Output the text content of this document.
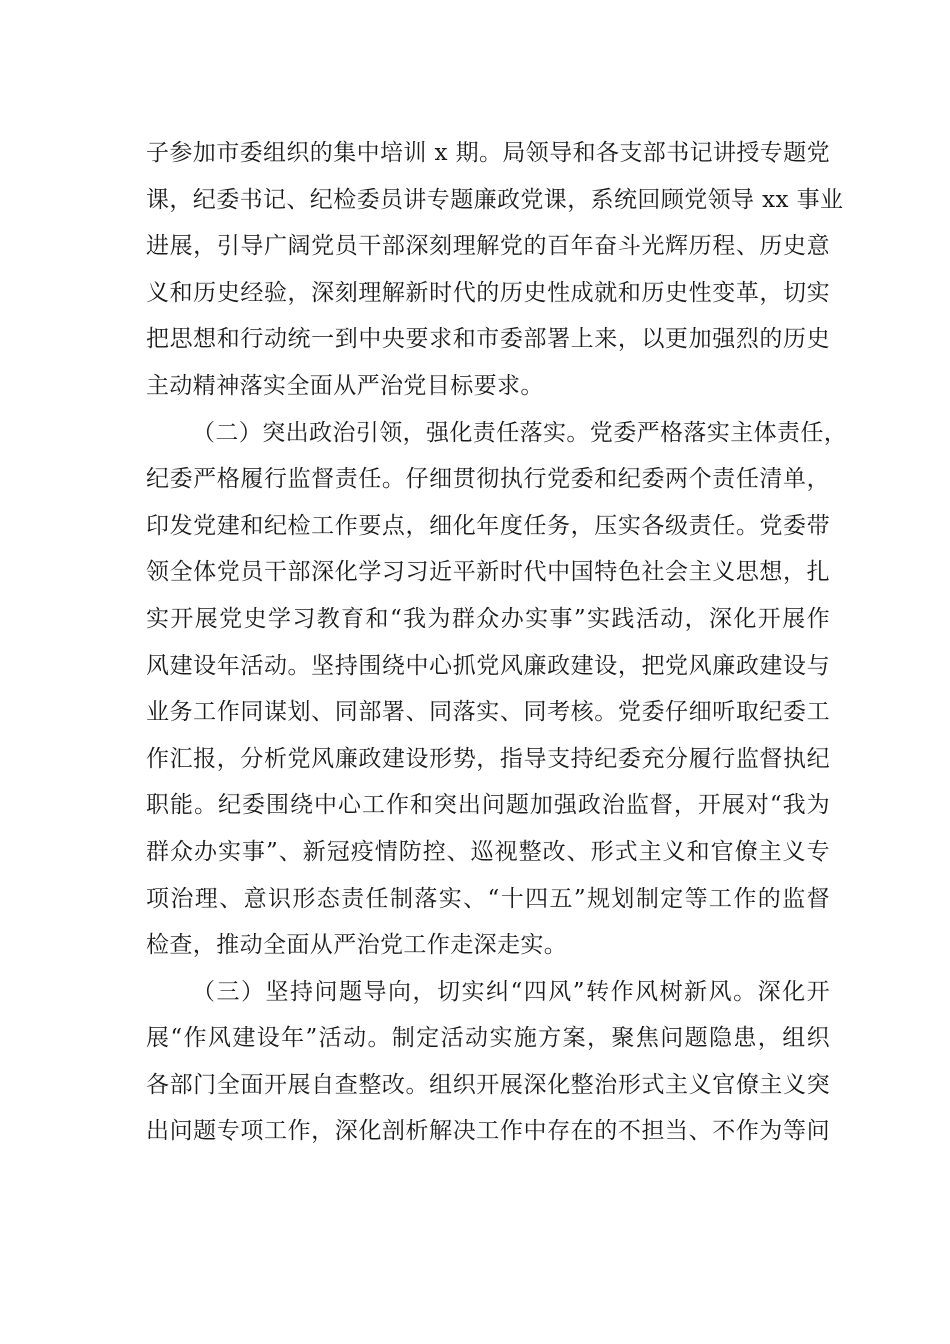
子参加市委组织的集中培训 x 期。局领导和各支部书记讲授专题党
课，纪委书记、纪检委员讲专题廉政党课，系统回顾党领导 xx 事业
进展，引导广阔党员干部深刻理解党的百年奋斗光辉历程、历史意
义和历史经验，深刻理解新时代的历史性成就和历史性变革，切实
把思想和行动统一到中央要求和市委部署上来，以更加强烈的历史
主动精神落实全面从严治党目标要求。
（二）突出政治引领，强化责任落实。党委严格落实主体责任，
纪委严格履行监督责任。仔细贯彻执行党委和纪委两个责任清单，
印发党建和纪检工作要点，细化年度任务，压实各级责任。党委带
领全体党员干部深化学习习近平新时代中国特色社会主义思想，扎
实开展党史学习教育和“我为群众办实事”实践活动，深化开展作
风建设年活动。坚持围绕中心抓党风廉政建设，把党风廉政建设与
业务工作同谋划、同部署、同落实、同考核。党委仔细听取纪委工
作汇报，分析党风廉政建设形势，指导支持纪委充分履行监督执纪
职能。纪委围绕中心工作和突出问题加强政治监督，开展对“我为
群众办实事”、新冠疫情防控、巡视整改、形式主义和官僚主义专
项治理、意识形态责任制落实、“十四五”规划制定等工作的监督
检查，推动全面从严治党工作走深走实。
（三）坚持问题导向，切实纠“四风”转作风树新风。深化开
展“作风建设年”活动。制定活动实施方案，聚焦问题隐患，组织
各部门全面开展自查整改。组织开展深化整治形式主义官僚主义突
出问题专项工作，深化剖析解决工作中存在的不担当、不作为等问
